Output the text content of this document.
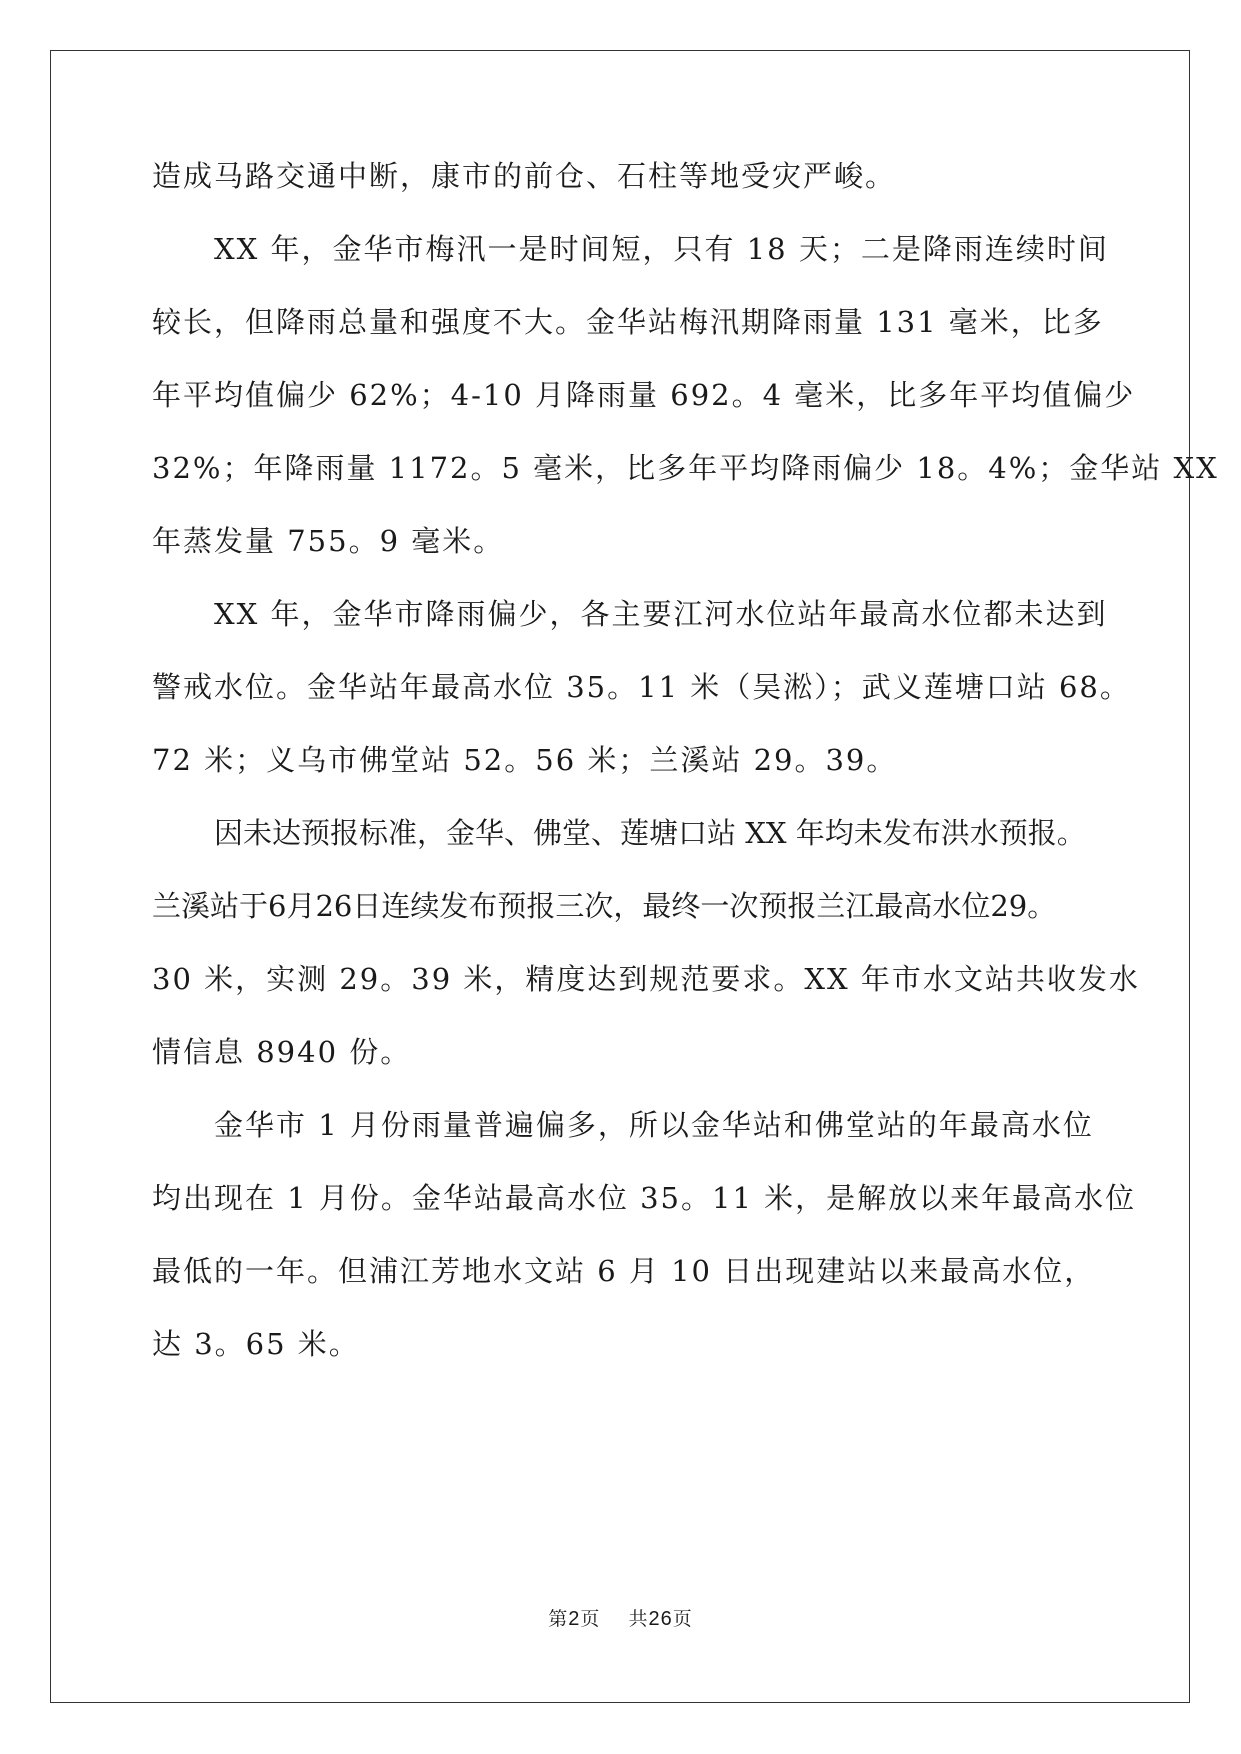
造成马路交通中断，康市的前仓、石柱等地受灾严峻。
XX 年，金华市梅汛一是时间短，只有 18 天；二是降雨连续时间
较长，但降雨总量和强度不大。金华站梅汛期降雨量 131 毫米，比多
年平均值偏少 62%；4-10 月降雨量 692。4 毫米，比多年平均值偏少
32%；年降雨量 1172。5 毫米，比多年平均降雨偏少 18。4%；金华站 XX
年蒸发量 755。9 毫米。
XX 年，金华市降雨偏少，各主要江河水位站年最高水位都未达到
警戒水位。金华站年最高水位 35。11 米（吴淞）；武义莲塘口站 68。
72 米；义乌市佛堂站 52。56 米；兰溪站 29。39。
因未达预报标准，金华、佛堂、莲塘口站 XX 年均未发布洪水预报。
兰溪站于6月26日连续发布预报三次，最终一次预报兰江最高水位29。
30 米，实测 29。39 米，精度达到规范要求。XX 年市水文站共收发水
情信息 8940 份。
金华市 1 月份雨量普遍偏多，所以金华站和佛堂站的年最高水位
均出现在 1 月份。金华站最高水位 35。11 米，是解放以来年最高水位
最低的一年。但浦江芳地水文站 6 月 10 日出现建站以来最高水位，
达 3。65 米。
第2页 共26页
